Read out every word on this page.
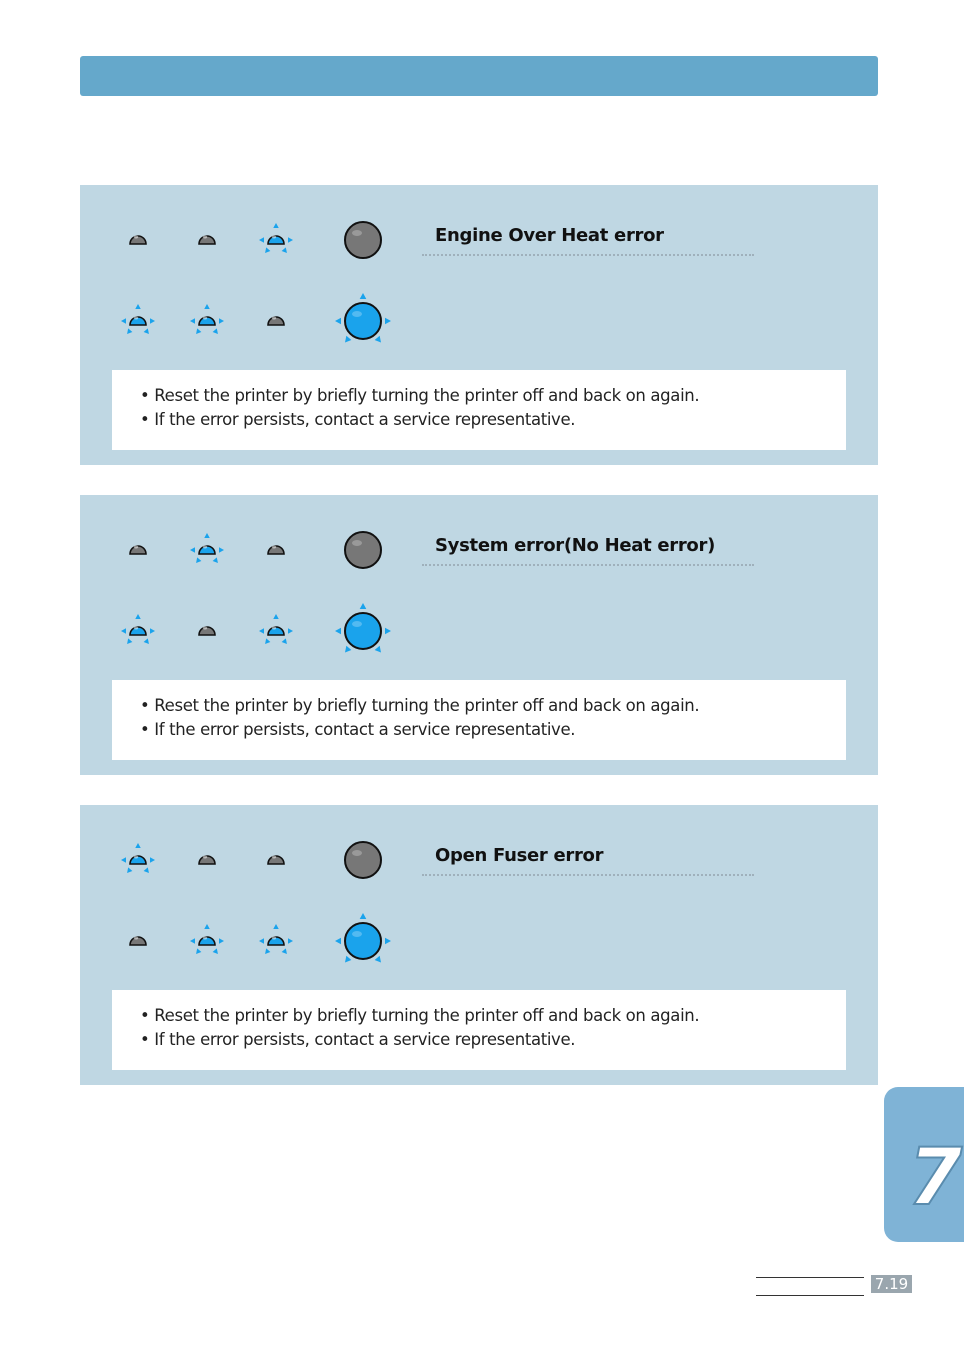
Engine Over Heat error
• Reset the printer by briefly turning the printer off and back on again.
• If the error persists, contact a service representative.
System error(No Heat error)
• Reset the printer by briefly turning the printer off and back on again.
• If the error persists, contact a service representative.
Open Fuser error
• Reset the printer by briefly turning the printer off and back on again.
• If the error persists, contact a service representative.
7
7.19
